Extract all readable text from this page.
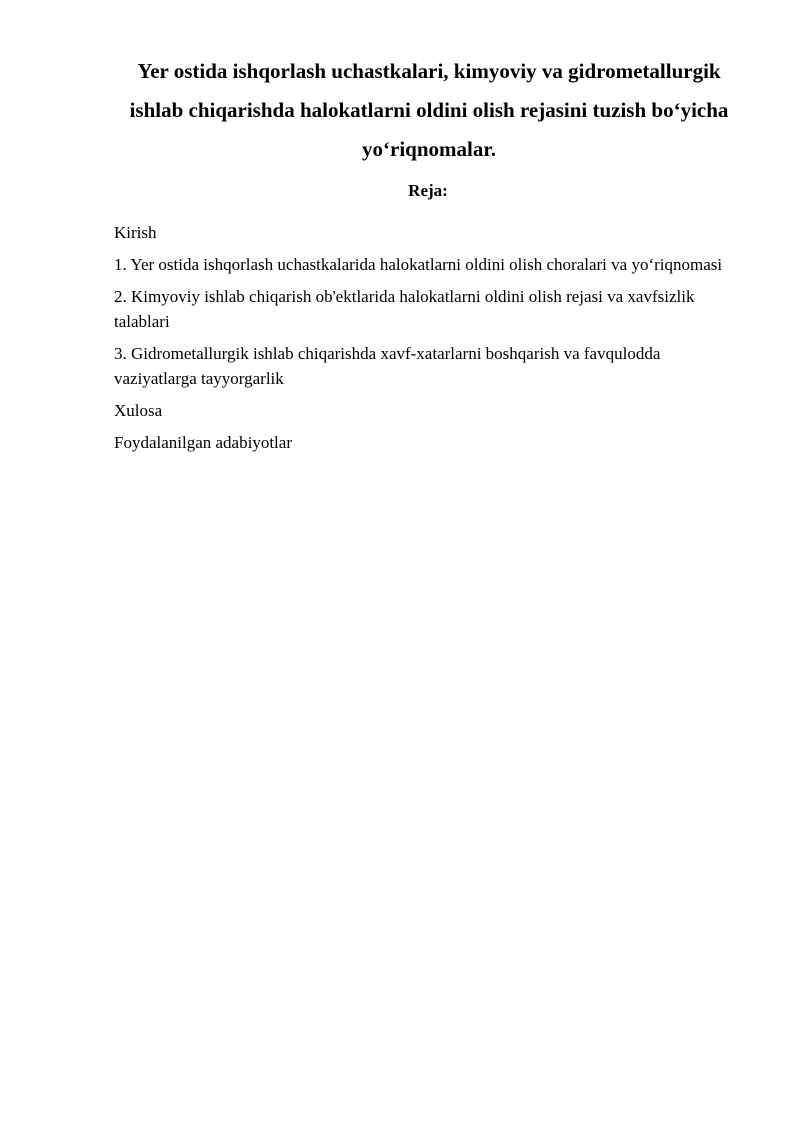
Yer ostida ishqorlash uchastkalari, kimyoviy va gidrometallurgik ishlab chiqarishda halokatlarni oldini olish rejasini tuzish bo‘yicha yo‘riqnomalar.
Reja:
Kirish
1. Yer ostida ishqorlash uchastkalarida halokatlarni oldini olish choralari va yo‘riqnomasi
2. Kimyoviy ishlab chiqarish ob'ektlarida halokatlarni oldini olish rejasi va xavfsizlik talablari
3. Gidrometallurgik ishlab chiqarishda xavf-xatarlarni boshqarish va favqulodda vaziyatlarga tayyorgarlik
Xulosa
Foydalanilgan adabiyotlar
